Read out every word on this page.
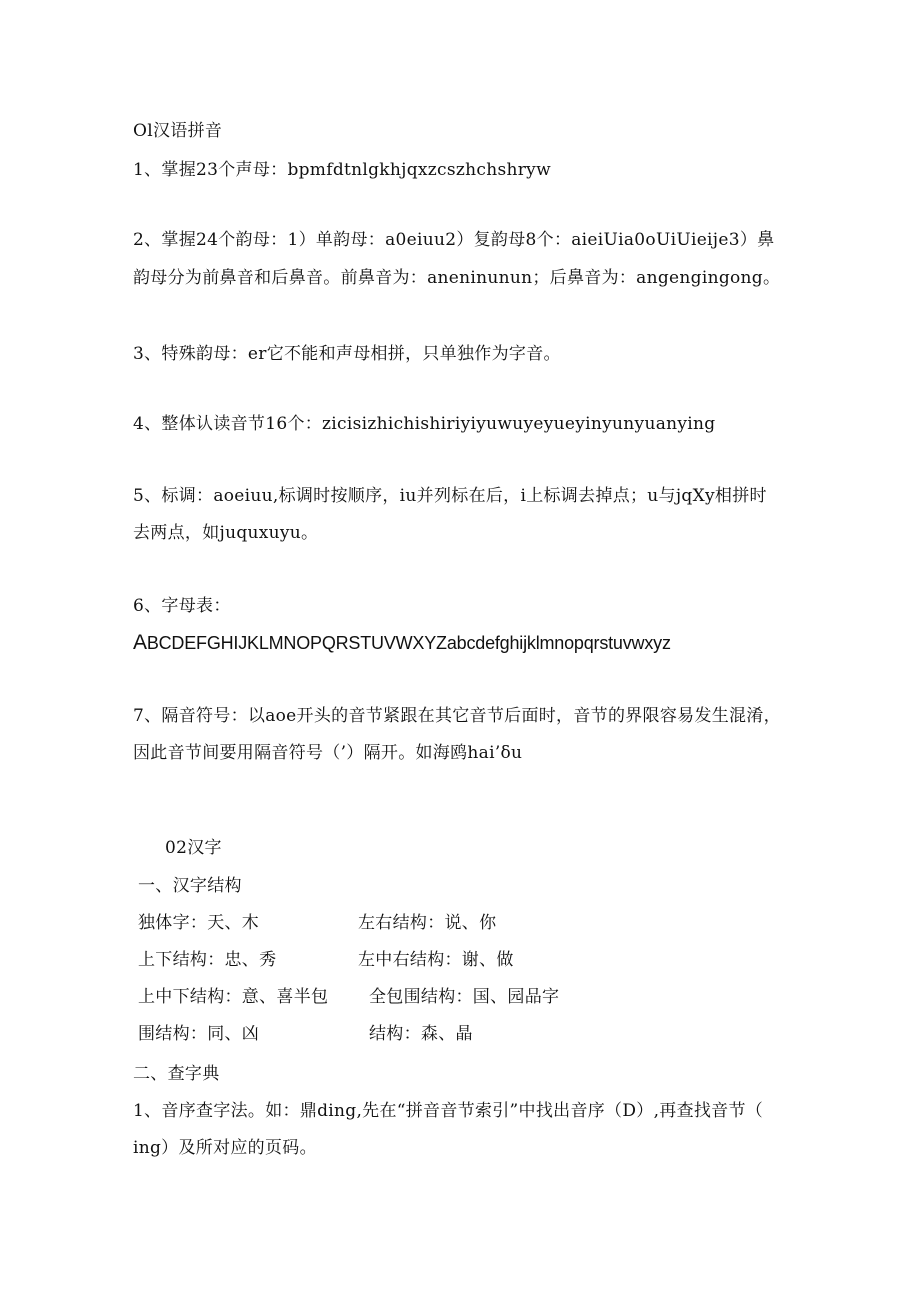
Ol汉语拼音
1、掌握23个声母：bpmfdtnlgkhjqxzcszhchshryw
2、掌握24个韵母：1）单韵母：a0eiuu2）复韵母8个：aieiUia0oUiUieije3）鼻
韵母分为前鼻音和后鼻音。前鼻音为：aneninunun；后鼻音为：angengingong。
3、特殊韵母：er它不能和声母相拼，只单独作为字音。
4、整体认读音节16个：zicisizhichishiriyiyuwuyeyueyinyunyuanying
5、标调：aoeiuu,标调时按顺序，iu并列标在后，i上标调去掉点；u与jqXy相拼时
去两点，如juquxuyu。
6、字母表：
ABCDEFGHIJKLMNOPQRSTUVWXYZabcdefghijklmnopqrstuvwxyz
7、隔音符号：以aoe开头的音节紧跟在其它音节后面时，音节的界限容易发生混淆，
因此音节间要用隔音符号（’）隔开。如海鸥hai’δu
02汉字
一、汉字结构
独体字：天、木	左右结构：说、你
上下结构：忠、秀	左中右结构：谢、做
上中下结构：意、喜半包 全包围结构：国、园品字
围结构：同、凶	结构：森、晶
二、查字典
1、音序查字法。如：鼎ding,先在“拼音音节索引”中找出音序（D）,再查找音节（
ing）及所对应的页码。
